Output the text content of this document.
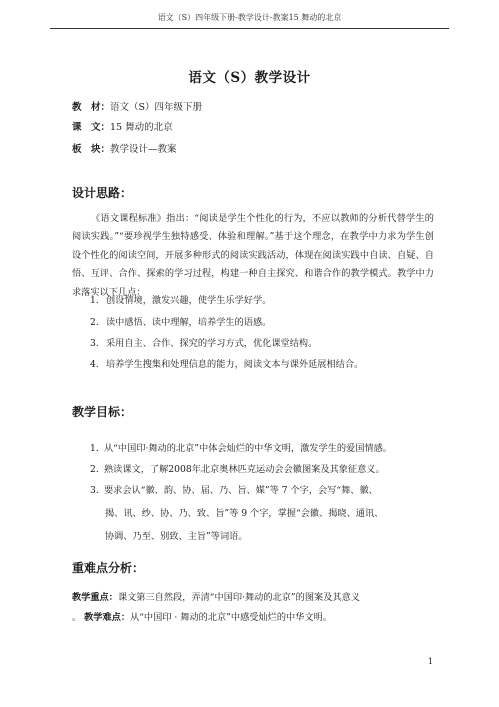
语文（S）四年级下册-教学设计-教案15 舞动的北京
语文（S）教学设计
教　材：语文（S）四年级下册
课　文：15 舞动的北京
板　块：教学设计—教案
设计思路：
《语文课程标准》指出：“阅读是学生个性化的行为，不应以教师的分析代替学生的阅读实践。”“要珍视学生独特感受、体验和理解。”基于这个理念，在教学中力求为学生创设个性化的阅读空间，开展多种形式的阅读实践活动，体现在阅读实践中自读、自疑、自悟、互评、合作、探索的学习过程，构建一种自主探究、和谐合作的教学模式。教学中力求落实以下几点：
1. 创设情境，激发兴趣，使学生乐学好学。
2. 读中感悟、读中理解，培养学生的语感。
3. 采用自主、合作、探究的学习方式，优化课堂结构。
4. 培养学生搜集和处理信息的能力，阅读文本与课外延展相结合。
教学目标：
1. 从“中国印·舞动的北京”中体会灿烂的中华文明，激发学生的爱国情感。
2. 熟读课文，了解2008年北京奥林匹克运动会会徽图案及其象征意义。
3. 要求会认“徽、韵、协、届、乃、旨、媒”等 7 个字，会写“舞、徽、
揭、讯、纱、协、乃、致、旨”等 9 个字，掌握“会徽、揭晓、通讯、
协调、乃至、别致、主旨”等词语。
重难点分析：
教学重点：课文第三自然段，弄清“中国印·舞动的北京”的图案及其意义
。 教学难点：从“中国印 · 舞动的北京”中感受灿烂的中华文明。
1
